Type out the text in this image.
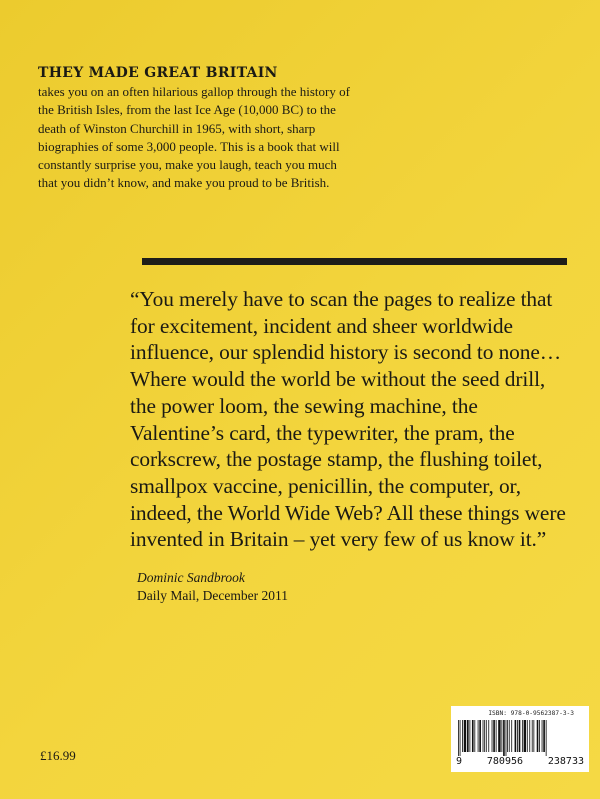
THEY MADE GREAT BRITAIN

takes you on an often hilarious gallop through the history of the British Isles, from the last Ice Age (10,000 BC) to the death of Winston Churchill in 1965, with short, sharp biographies of some 3,000 people. This is a book that will constantly surprise you, make you laugh, teach you much that you didn’t know, and make you proud to be British.

“You merely have to scan the pages to realize that for excitement, incident and sheer worldwide influence, our splendid history is second to none… Where would the world be without the seed drill, the power loom, the sewing machine, the Valentine’s card, the typewriter, the pram, the corkscrew, the postage stamp, the flushing toilet, smallpox vaccine, penicillin, the computer, or, indeed, the World Wide Web? All these things were invented in Britain – yet very few of us know it.”

Dominic Sandbrook

Daily Mail, December 2011

£16.99
ISBN: 978-0-9562387-3-3
9 780956 238733
